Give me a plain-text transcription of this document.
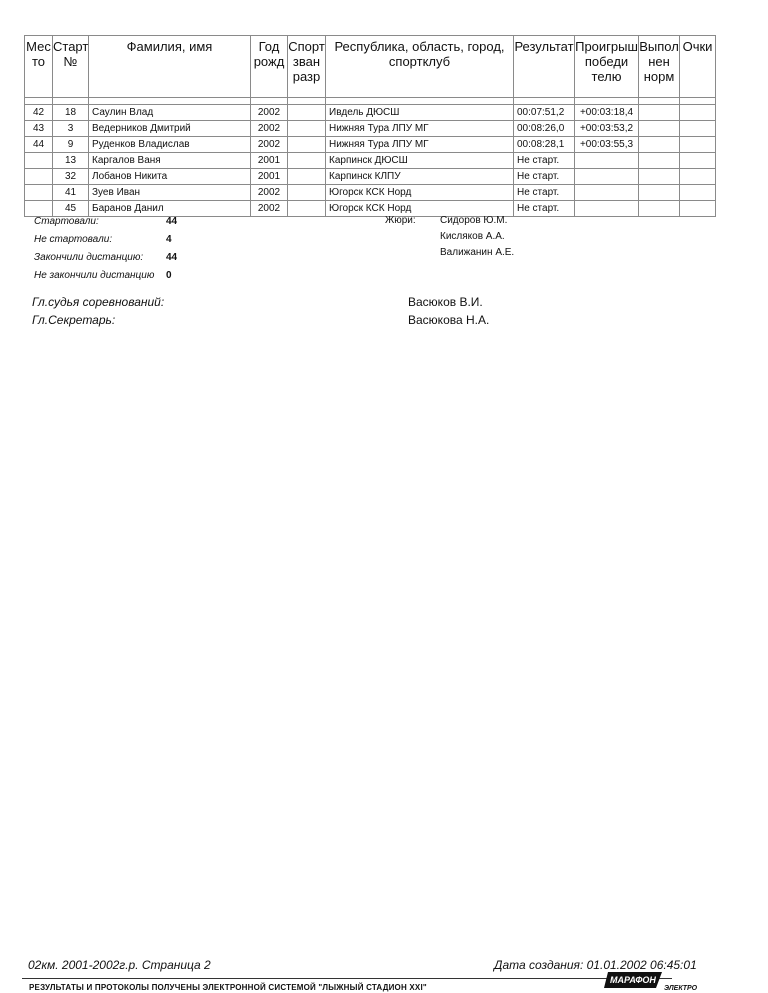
Мес то	Старт №	Фамилия, имя	Год рожд	Спорт зван разр	Республика, область, город, спортклуб	Результат	Проигрыш победи телю	Выпол нен норм	Очки

42	18	Саулин Влад	2002		Ивдель ДЮСШ	00:07:51,2	+00:03:18,4		
43	3	Ведерников Дмитрий	2002		Нижняя Тура ЛПУ МГ	00:08:26,0	+00:03:53,2		
44	9	Руденков Владислав	2002		Нижняя Тура ЛПУ МГ	00:08:28,1	+00:03:55,3		
	13	Каргалов Ваня	2001		Карпинск ДЮСШ	Не старт.			
	32	Лобанов Никита	2001		Карпинск КЛПУ	Не старт.			
	41	Зуев Иван	2002		Югорск КСК Норд	Не старт.			
	45	Баранов Данил	2002		Югорск КСК Норд	Не старт.			
Стартовали:	44
Не стартовали:	4
Закончили дистанцию: 44
Не закончили дистанцию 0
Жюри: Сидоров Ю.М.
Кисляков А.А.
Валижанин А.Е.
Гл.судья соревнований:	Васюков В.И.
Гл.Секретарь:	Васюкова Н.А.
02км. 2001-2002г.р. Страница 2	Дата создания: 01.01.2002 06:45:01
РЕЗУЛЬТАТЫ И ПРОТОКОЛЫ ПОЛУЧЕНЫ ЭЛЕКТРОННОЙ СИСТЕМОЙ "ЛЫЖНЫЙ СТАДИОН XXI"
МАРАФОН
ЭЛЕКТРО
